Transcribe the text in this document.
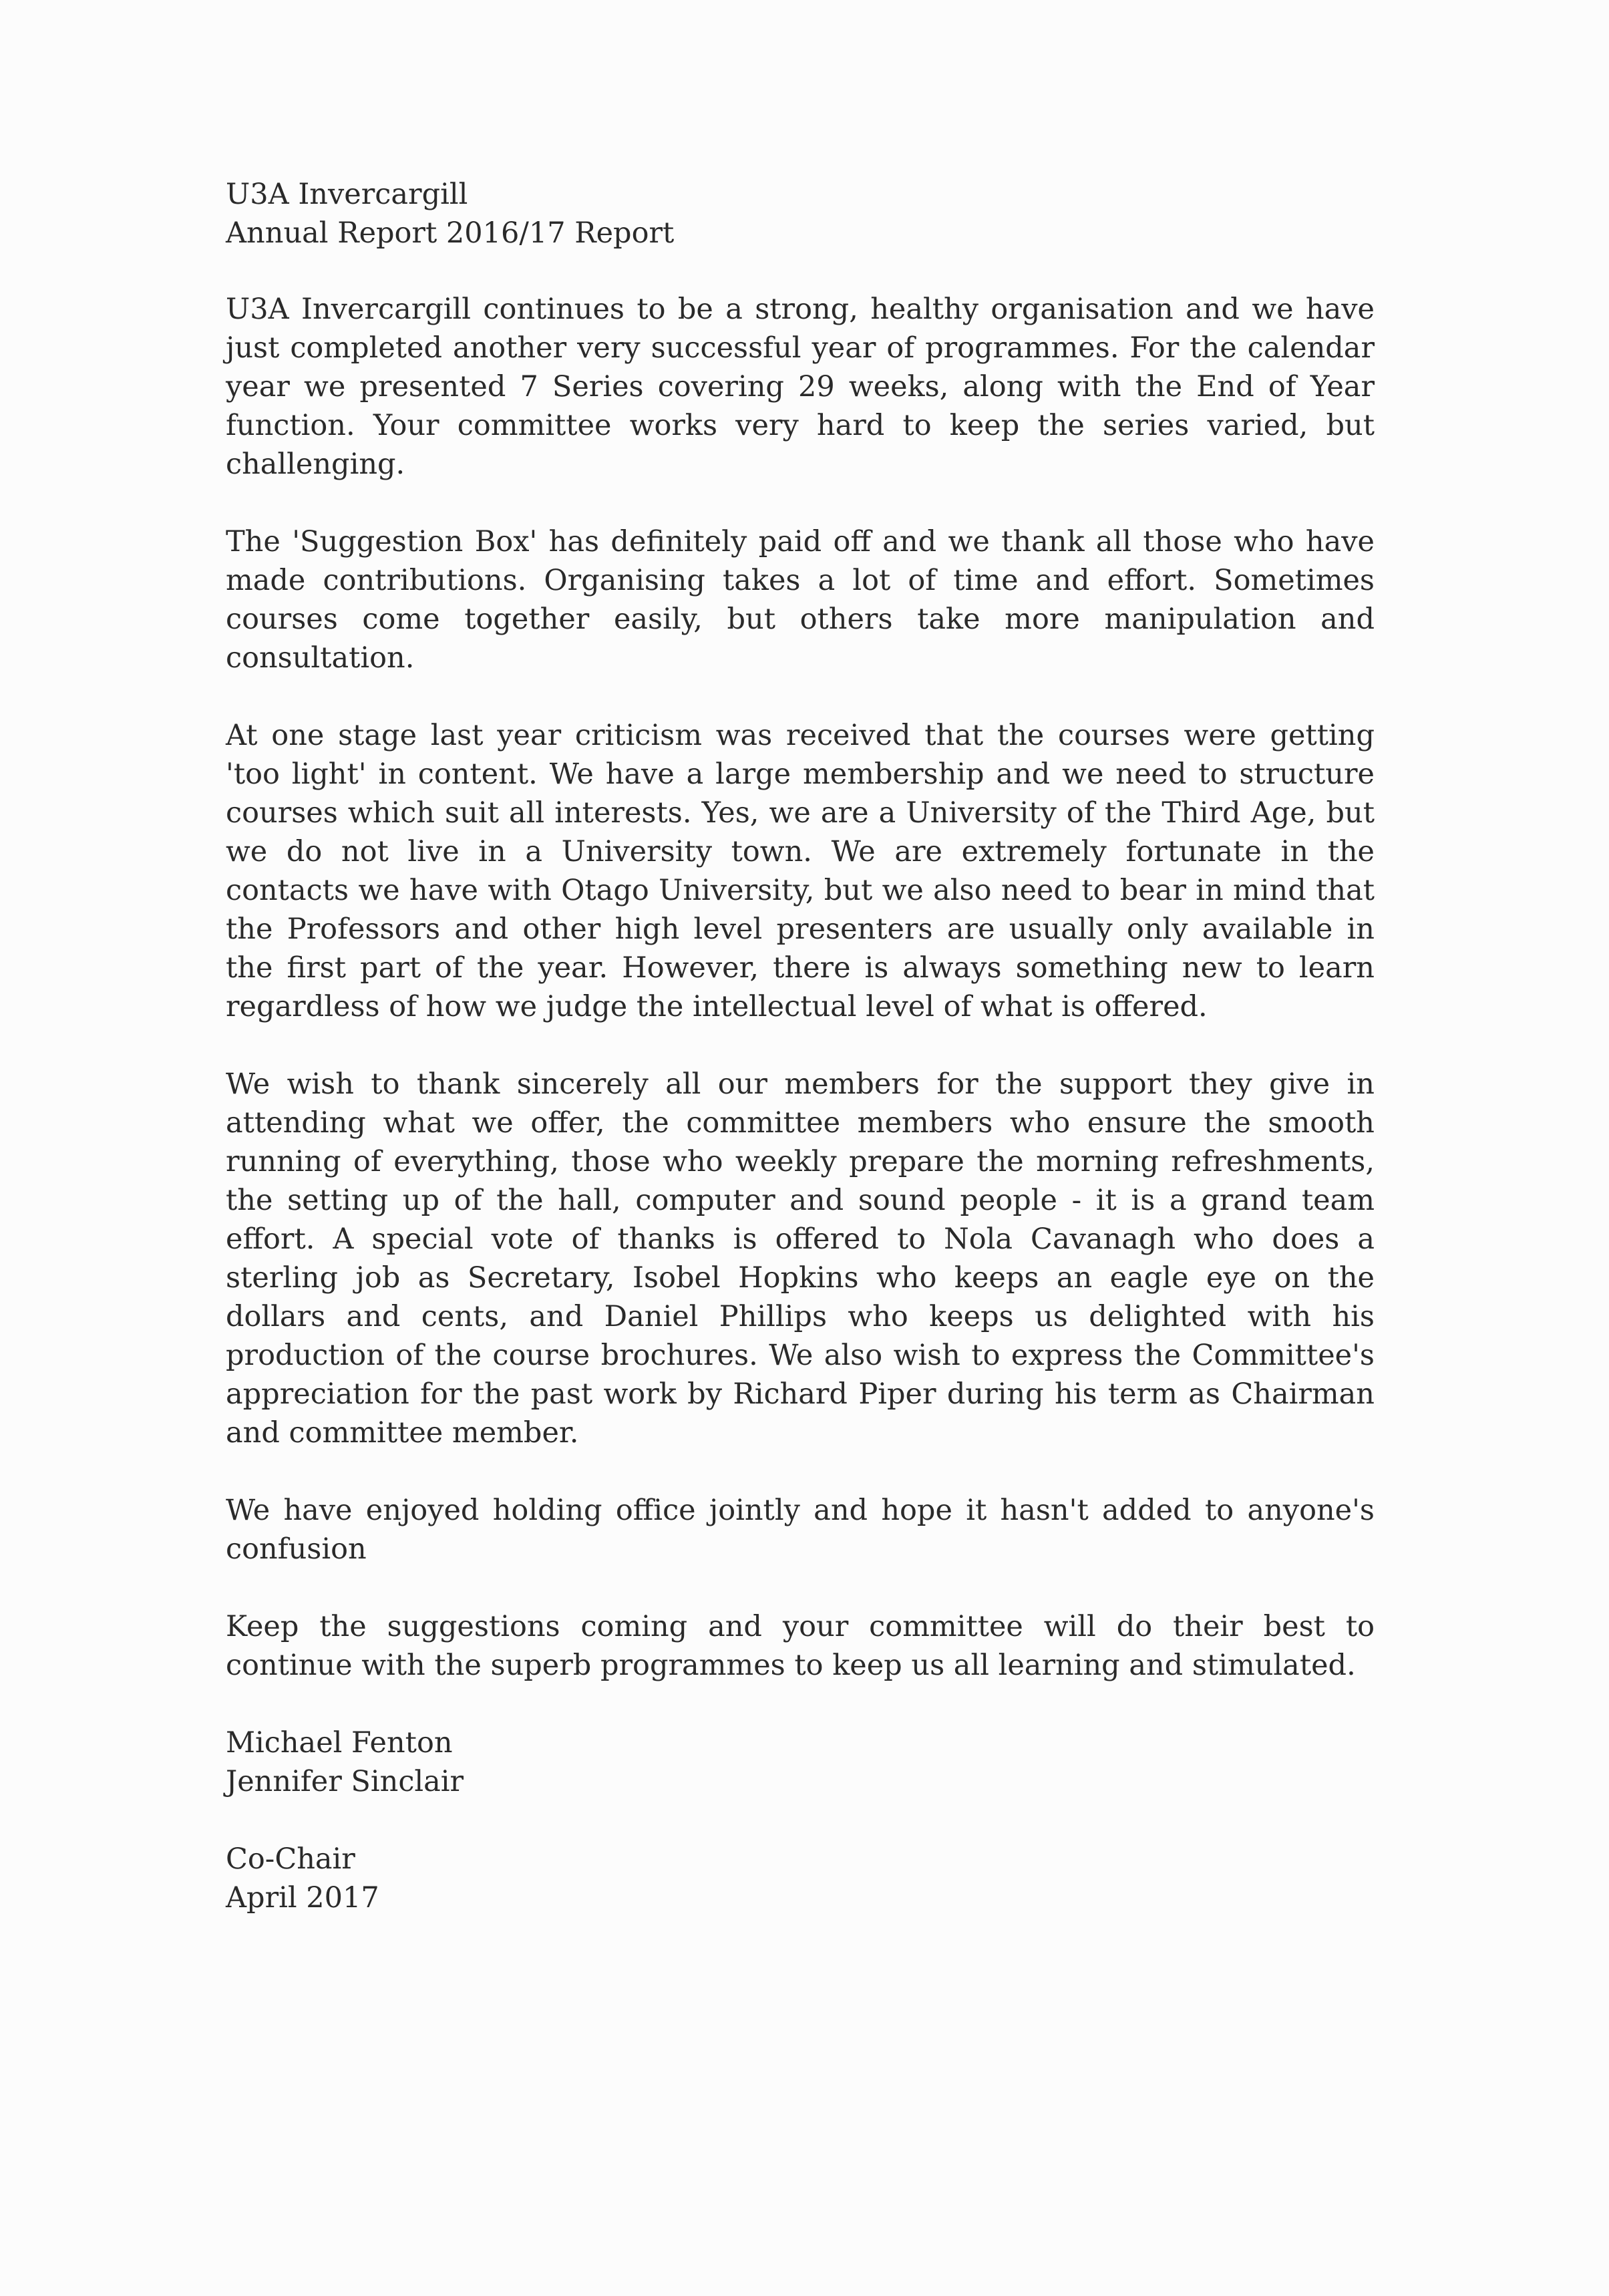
U3A Invercargill
Annual Report 2016/17 Report

U3A Invercargill continues to be a strong, healthy organisation and we have just completed another very successful year of programmes. For the calendar year we presented 7 Series covering 29 weeks, along with the End of Year function. Your committee works very hard to keep the series varied, but challenging.

The 'Suggestion Box' has definitely paid off and we thank all those who have made contributions. Organising takes a lot of time and effort. Sometimes courses come together easily, but others take more manipulation and consultation.

At one stage last year criticism was received that the courses were getting 'too light' in content. We have a large membership and we need to structure courses which suit all interests. Yes, we are a University of the Third Age, but we do not live in a University town. We are extremely fortunate in the contacts we have with Otago University, but we also need to bear in mind that the Professors and other high level presenters are usually only available in the first part of the year. However, there is always something new to learn regardless of how we judge the intellectual level of what is offered.

We wish to thank sincerely all our members for the support they give in attending what we offer, the committee members who ensure the smooth running of everything, those who weekly prepare the morning refreshments, the setting up of the hall, computer and sound people - it is a grand team effort. A special vote of thanks is offered to Nola Cavanagh who does a sterling job as Secretary, Isobel Hopkins who keeps an eagle eye on the dollars and cents, and Daniel Phillips who keeps us delighted with his production of the course brochures. We also wish to express the Committee's appreciation for the past work by Richard Piper during his term as Chairman and committee member.

We have enjoyed holding office jointly and hope it hasn't added to anyone's confusion

Keep the suggestions coming and your committee will do their best to continue with the superb programmes to keep us all learning and stimulated.

Michael Fenton
Jennifer Sinclair
Co-Chair
April 2017
